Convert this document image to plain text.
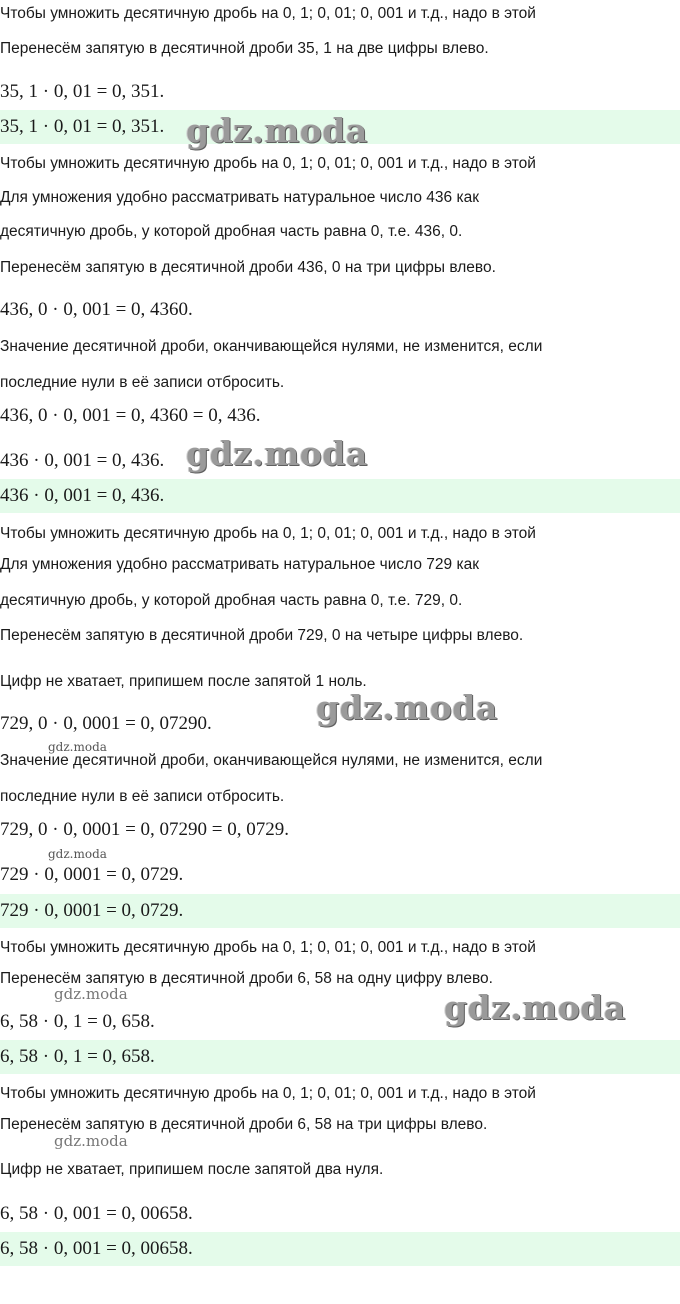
Чтобы умножить десятичную дробь на 0, 1; 0, 01; 0, 001 и т.д., надо в этой
Перенесём запятую в десятичной дроби 35, 1 на две цифры влево.
35, 1 · 0, 01 = 0, 351.
35, 1 · 0, 01 = 0, 351.
Чтобы умножить десятичную дробь на 0, 1; 0, 01; 0, 001 и т.д., надо в этой
Для умножения удобно рассматривать натуральное число 436 как
десятичную дробь, у которой дробная часть равна 0, т.е. 436, 0.
Перенесём запятую в десятичной дроби 436, 0 на три цифры влево.
436, 0 · 0, 001 = 0, 4360.
Значение десятичной дроби, оканчивающейся нулями, не изменится, если
последние нули в её записи отбросить.
436, 0 · 0, 001 = 0, 4360 = 0, 436.
436 · 0, 001 = 0, 436.
436 · 0, 001 = 0, 436.
Чтобы умножить десятичную дробь на 0, 1; 0, 01; 0, 001 и т.д., надо в этой
Для умножения удобно рассматривать натуральное число 729 как
десятичную дробь, у которой дробная часть равна 0, т.е. 729, 0.
Перенесём запятую в десятичной дроби 729, 0 на четыре цифры влево.
Цифр не хватает, припишем после запятой 1 ноль.
729, 0 · 0, 0001 = 0, 07290.
Значение десятичной дроби, оканчивающейся нулями, не изменится, если
последние нули в её записи отбросить.
729, 0 · 0, 0001 = 0, 07290 = 0, 0729.
729 · 0, 0001 = 0, 0729.
729 · 0, 0001 = 0, 0729.
Чтобы умножить десятичную дробь на 0, 1; 0, 01; 0, 001 и т.д., надо в этой
Перенесём запятую в десятичной дроби 6, 58 на одну цифру влево.
6, 58 · 0, 1 = 0, 658.
6, 58 · 0, 1 = 0, 658.
Чтобы умножить десятичную дробь на 0, 1; 0, 01; 0, 001 и т.д., надо в этой
Перенесём запятую в десятичной дроби 6, 58 на три цифры влево.
Цифр не хватает, припишем после запятой два нуля.
6, 58 · 0, 001 = 0, 00658.
6, 58 · 0, 001 = 0, 00658.
gdz.moda
gdz.moda
gdz.moda
gdz.moda
gdz.moda
gdz.moda	gdz.moda
gdz.moda
